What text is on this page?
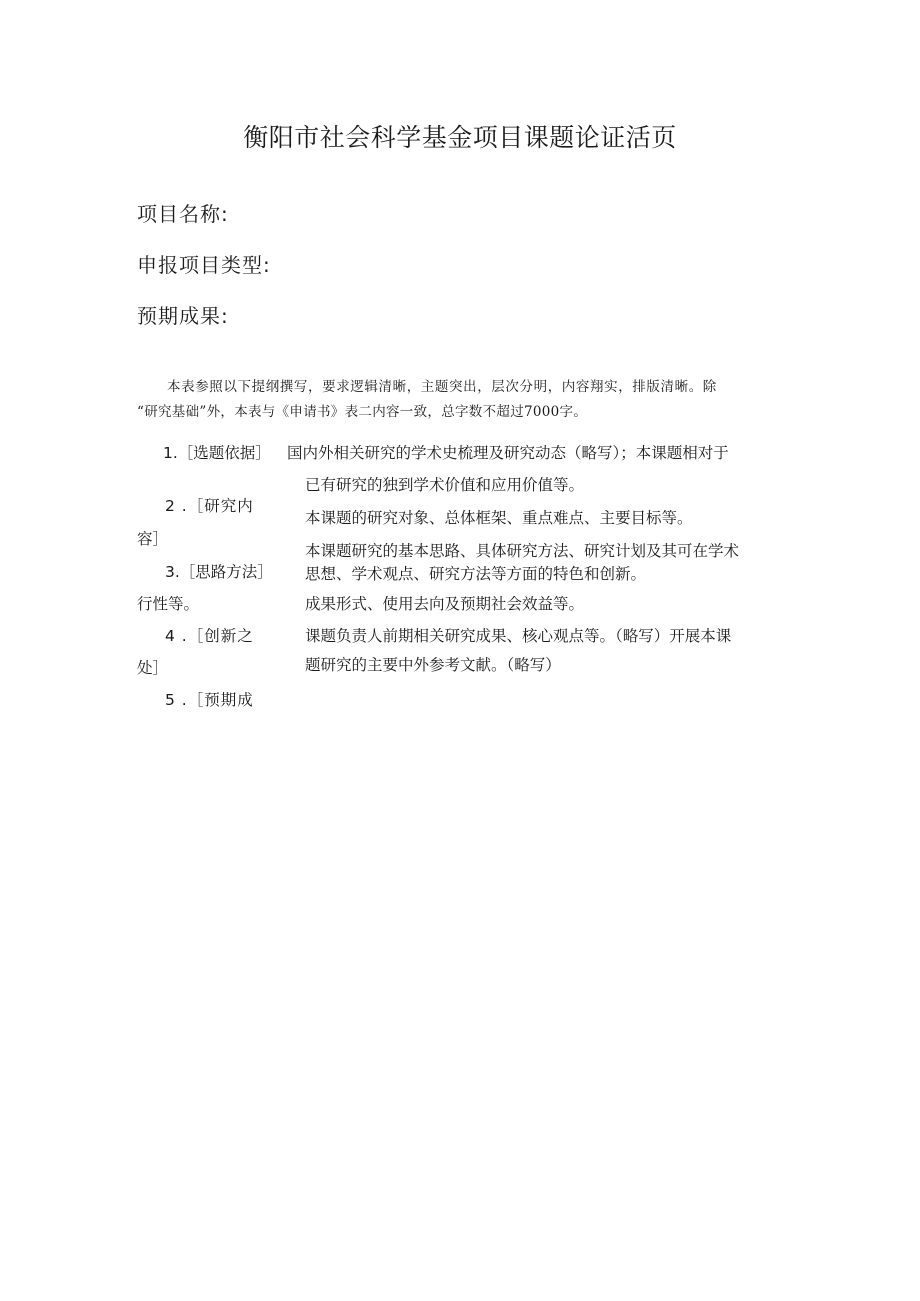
衡阳市社会科学基金项目课题论证活页
项目名称:
申报项目类型:
预期成果:
本表参照以下提纲撰写，要求逻辑清晰，主题突出，层次分明，内容翔实，排版清晰。除
“研究基础”外，本表与《申请书》表二内容一致，总字数不超过7000字。
1.［选题依据］
2 .［研究内
容］
3.［思路方法］
行性等。
4 .［创新之
处］
5 .［预期成
国内外相关研究的学术史梳理及研究动态（略写）；本课题相对于
已有研究的独到学术价值和应用价值等。
本课题的研究对象、总体框架、重点难点、主要目标等。
本课题研究的基本思路、具体研究方法、研究计划及其可在学术
思想、学术观点、研究方法等方面的特色和创新。
成果形式、使用去向及预期社会效益等。
课题负责人前期相关研究成果、核心观点等。（略写）开展本课
题研究的主要中外参考文献。（略写）
